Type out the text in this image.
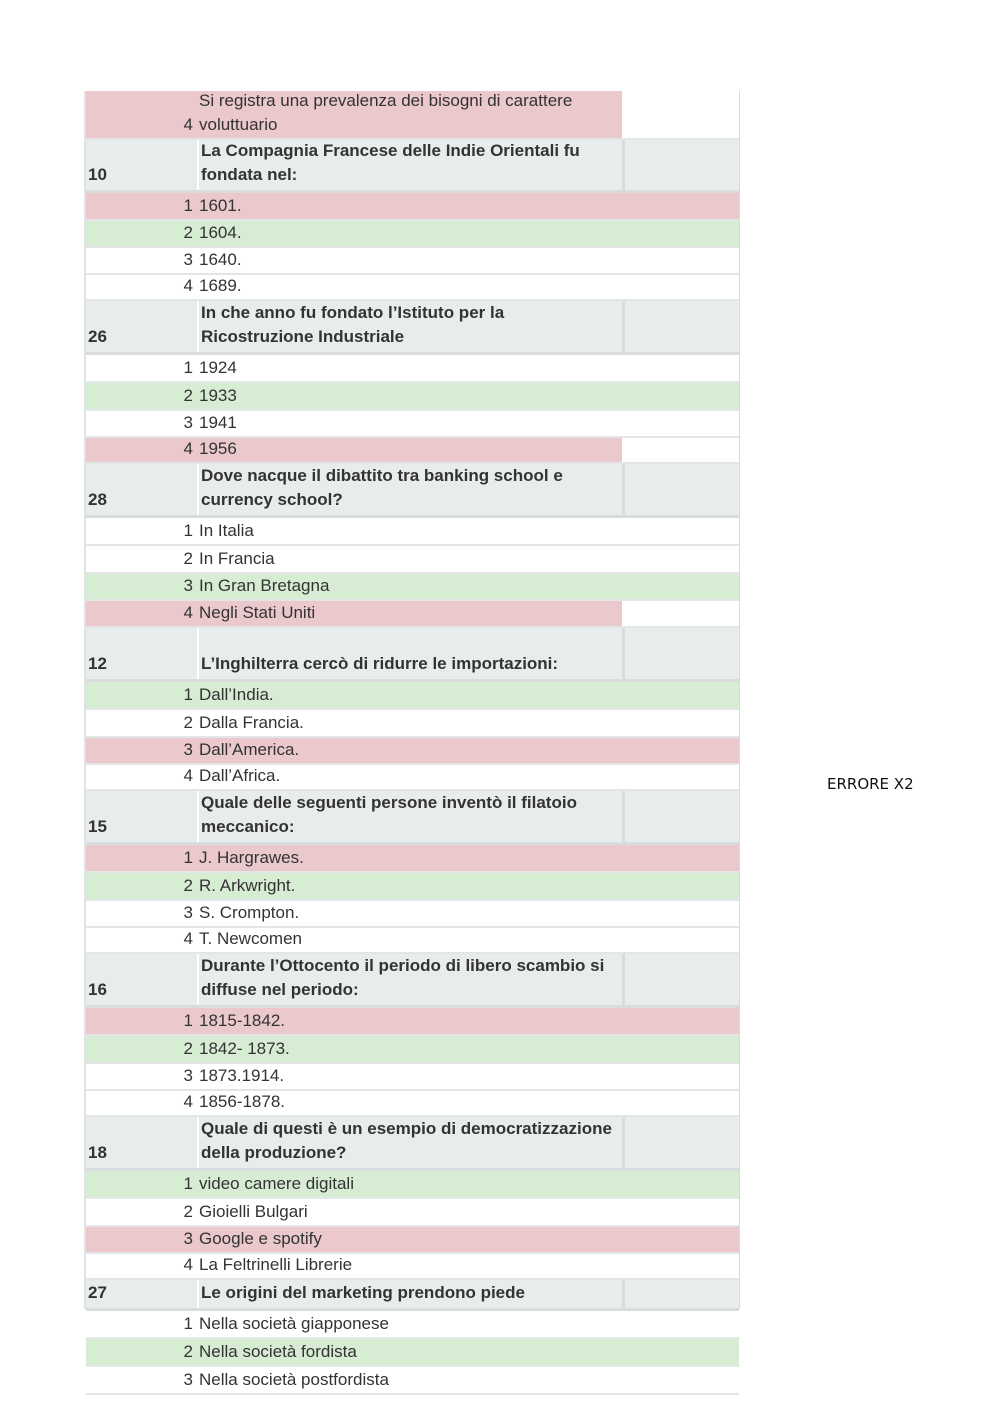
4
Si registra una prevalenza dei bisogni di carattere voluttuario
10
La Compagnia Francese delle Indie Orientali fu fondata nel:
1 1601.
2 1604.
3 1640.
4 1689.
26
In che anno fu fondato l’Istituto per la Ricostruzione Industriale
1 1924
2 1933
3 1941
4 1956
28
Dove nacque il dibattito tra banking school e currency school?
1 In Italia
2 In Francia
3 In Gran Bretagna
4 Negli Stati Uniti
12	L’Inghilterra cercò di ridurre le importazioni:
1 Dall’India.
2 Dalla Francia.
3 Dall’America.
4 Dall’Africa.
15
Quale delle seguenti persone inventò il filatoio meccanico:
1 J. Hargrawes.
2 R. Arkwright.
3 S. Crompton.
4 T. Newcomen
16
Durante l’Ottocento il periodo di libero scambio si diffuse nel periodo:
1 1815-1842.
2 1842- 1873.
3 1873.1914.
4 1856-1878.
18
Quale di questi è un esempio di democratizzazione della produzione?
1 video camere digitali
2 Gioielli Bulgari
3 Google e spotify
4 La Feltrinelli Librerie
27	Le origini del marketing prendono piede
1 Nella società giapponese
2 Nella società fordista
3 Nella società postfordista
ERRORE X2
